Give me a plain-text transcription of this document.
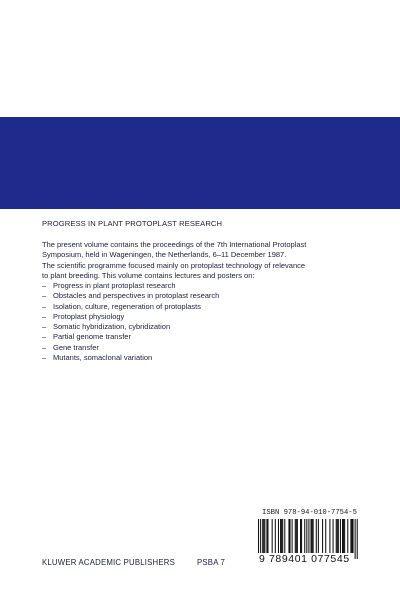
PROGRESS IN PLANT PROTOPLAST RESEARCH

The present volume contains the proceedings of the 7th International Protoplast

Symposium, held in Wageningen, the Netherlands, 6–11 December 1987.

The scientific programme focused mainly on protoplast technology of relevance

to plant breeding. This volume contains lectures and posters on:

– Progress in plant protoplast research
– Obstacles and perspectives in protoplast research
– Isolation, culture, regeneration of protoplasts
– Protoplast physiology
– Somatic hybridization, cybridization
– Partial genome transfer
– Gene transfer
– Mutants, somaclonal variation
ISBN 978-94-010-7754-5
9 789401 077545
KLUWER ACADEMIC PUBLISHERS	PSBA 7
